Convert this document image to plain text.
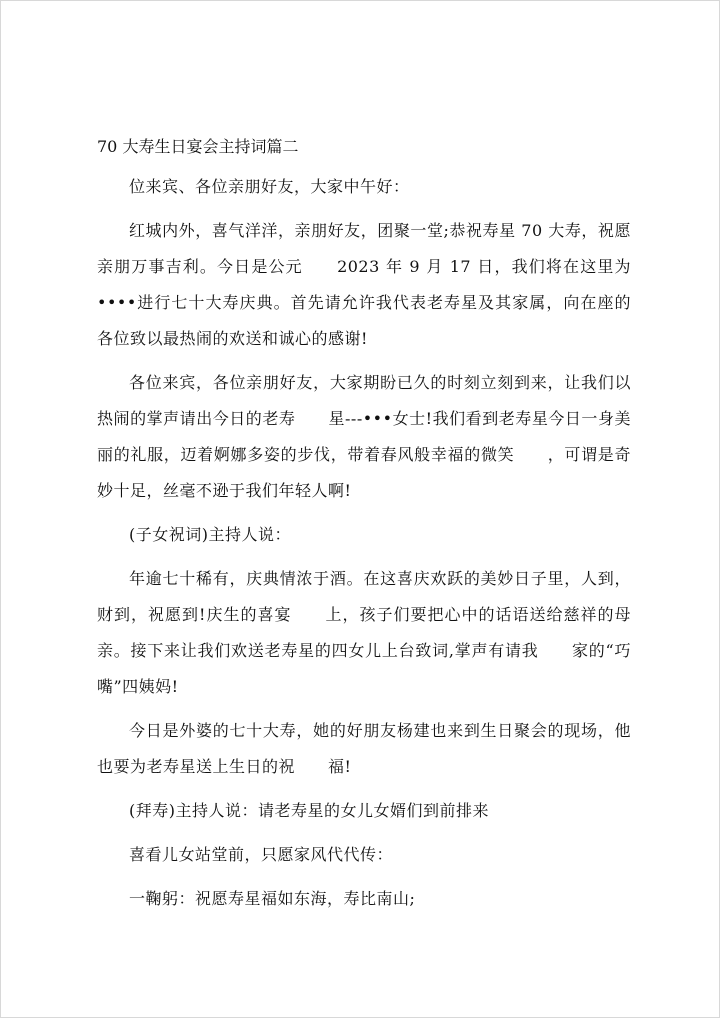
70 大寿生日宴会主持词篇二

位来宾、各位亲朋好友，大家中午好：

红城内外，喜气洋洋，亲朋好友，团聚一堂;恭祝寿星 70 大寿，祝愿亲朋万事吉利。今日是公元　　2023 年 9 月 17 日，我们将在这里为••••进行七十大寿庆典。首先请允许我代表老寿星及其家属，向在座的各位致以最热闹的欢送和诚心的感谢!

各位来宾，各位亲朋好友，大家期盼已久的时刻立刻到来，让我们以热闹的掌声请出今日的老寿　　星---•••女士!我们看到老寿星今日一身美丽的礼服，迈着婀娜多姿的步伐，带着春风般幸福的微笑　　，可谓是奇妙十足，丝毫不逊于我们年轻人啊!

(子女祝词)主持人说：

年逾七十稀有，庆典情浓于酒。在这喜庆欢跃的美妙日子里，人到，财到，祝愿到!庆生的喜宴　　上，孩子们要把心中的话语送给慈祥的母亲。接下来让我们欢送老寿星的四女儿上台致词,掌声有请我　　家的“巧嘴”四姨妈!

今日是外婆的七十大寿，她的好朋友杨建也来到生日聚会的现场，他也要为老寿星送上生日的祝　　福!

(拜寿)主持人说：请老寿星的女儿女婿们到前排来

喜看儿女站堂前，只愿家风代代传：

一鞠躬：祝愿寿星福如东海，寿比南山;
